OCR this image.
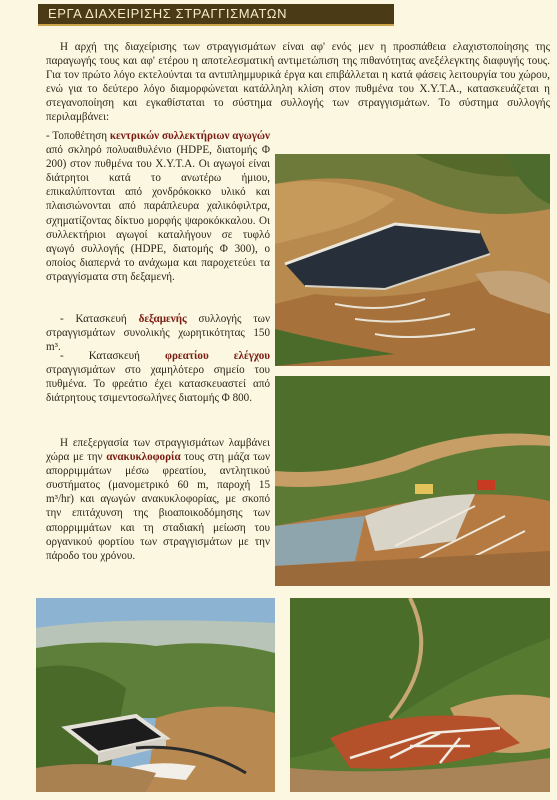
ΕΡΓΑ ΔΙΑΧΕΙΡΙΣΗΣ ΣΤΡΑΓΓΙΣΜΑΤΩΝ
Η αρχή της διαχείρισης των στραγγισμάτων είναι αφ' ενός μεν η προσπάθεια ελαχιστοποίησης της παραγωγής τους και αφ' ετέρου η αποτελεσματική αντιμετώπιση της πιθανότητας ανεξέλεγκτης διαφυγής τους. Για τον πρώτο λόγο εκτελούνται τα αντιπλημμυρικά έργα και επιβάλλεται η κατά φάσεις λειτουργία του χώρου, ενώ για το δεύτερο λόγο διαμορφώνεται κατάλληλη κλίση στον πυθμένα του Χ.Υ.Τ.Α., κατασκευάζεται η στεγανοποίηση και εγκαθίσταται το σύστημα συλλογής των στραγγισμάτων. Το σύστημα συλλογής περιλαμβάνει:
- Τοποθέτηση κεντρικών συλλεκτήριων αγωγών από σκληρό πολυαιθυλένιο (HDPE, διατομής Φ 200) στον πυθμένα του Χ.Υ.Τ.Α. Οι αγωγοί είναι διάτρητοι κατά το ανωτέρω ήμιου, επικαλύπτονται από χονδρόκοκκο υλικό και πλαισιώνονται από παράπλευρα χαλικόφιλτρα, σχηματίζοντας δίκτυο μορφής ψαροκόκκαλου. Οι συλλεκτήριοι αγωγοί καταλήγουν σε τυφλό αγωγό συλλογής (HDPE, διατομής Φ 300), ο οποίος διαπερνά το ανάχωμα και παροχετεύει τα στραγγίσματα στη δεξαμενή.
- Κατασκευή δεξαμενής συλλογής των στραγγισμάτων συνολικής χωρητικότητας 150 m³.
- Κατασκευή φρεατίου ελέγχου στραγγισμάτων στο χαμηλότερο σημείο του πυθμένα. Το φρεάτιο έχει κατασκευαστεί από διάτρητους τσιμεντοσωλήνες διατομής Φ 800.
Η επεξεργασία των στραγγισμάτων λαμβάνει χώρα με την ανακυκλοφορία τους στη μάζα των απορριμμάτων μέσω φρεατίου, αντλητικού συστήματος (μανομετρικό 60 m, παροχή 15 m³/hr) και αγωγών ανακυκλοφορίας, με σκοπό την επιτάχυνση της βιοαποικοδόμησης των απορριμμάτων και τη σταδιακή μείωση του οργανικού φορτίου των στραγγισμάτων με την πάροδο του χρόνου.
